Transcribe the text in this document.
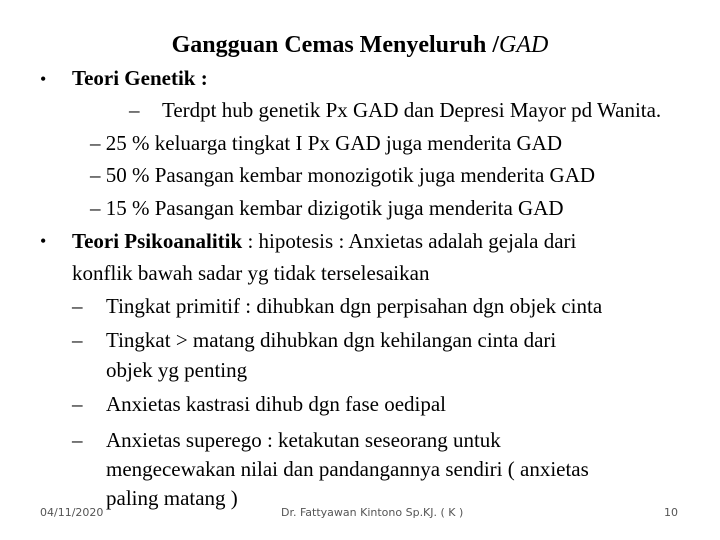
Gangguan Cemas Menyeluruh /GAD
• Teori Genetik :
– Terdpt hub genetik Px GAD dan Depresi Mayor pd Wanita.
– 25 % keluarga tingkat I Px GAD juga menderita GAD
– 50 % Pasangan kembar monozigotik juga menderita GAD
– 15 % Pasangan kembar dizigotik juga menderita GAD
• Teori Psikoanalitik : hipotesis : Anxietas adalah gejala dari
konflik bawah sadar yg tidak terselesaikan
– Tingkat primitif : dihubkan dgn perpisahan dgn objek cinta
– Tingkat > matang dihubkan dgn kehilangan cinta dari
objek yg penting
– Anxietas kastrasi dihub dgn fase oedipal
– Anxietas superego : ketakutan seseorang untuk
mengecewakan nilai dan pandangannya sendiri ( anxietas
paling matang )
04/11/2020	Dr. Fattyawan Kintono Sp.KJ. ( K )	10
